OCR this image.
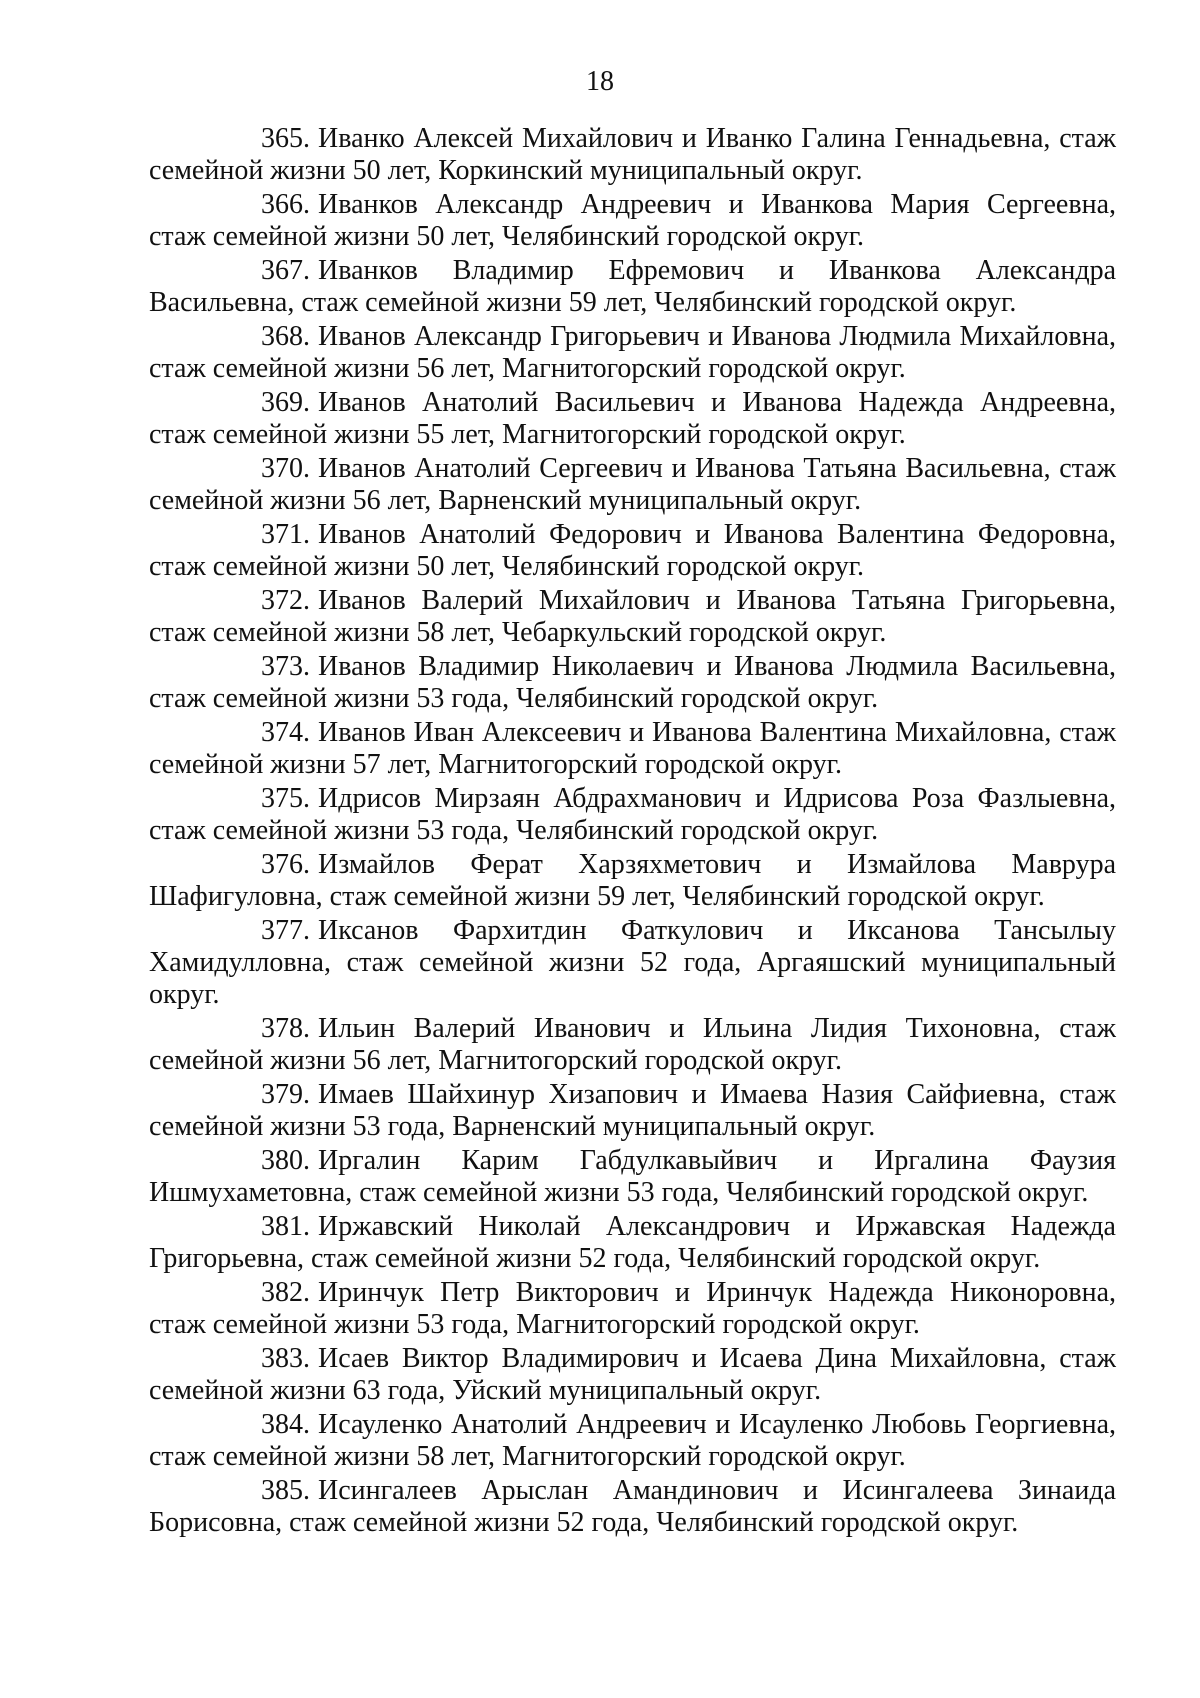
18

365. Иванко Алексей Михайлович и Иванко Галина Геннадьевна, стаж семейной жизни 50 лет, Коркинский муниципальный округ.

366. Иванков Александр Андреевич и Иванкова Мария Сергеевна, стаж семейной жизни 50 лет, Челябинский городской округ.

367. Иванков Владимир Ефремович и Иванкова Александра Васильевна, стаж семейной жизни 59 лет, Челябинский городской округ.

368. Иванов Александр Григорьевич и Иванова Людмила Михайловна, стаж семейной жизни 56 лет, Магнитогорский городской округ.

369. Иванов Анатолий Васильевич и Иванова Надежда Андреевна, стаж семейной жизни 55 лет, Магнитогорский городской округ.

370. Иванов Анатолий Сергеевич и Иванова Татьяна Васильевна, стаж семейной жизни 56 лет, Варненский муниципальный округ.

371. Иванов Анатолий Федорович и Иванова Валентина Федоровна, стаж семейной жизни 50 лет, Челябинский городской округ.

372. Иванов Валерий Михайлович и Иванова Татьяна Григорьевна, стаж семейной жизни 58 лет, Чебаркульский городской округ.

373. Иванов Владимир Николаевич и Иванова Людмила Васильевна, стаж семейной жизни 53 года, Челябинский городской округ.

374. Иванов Иван Алексеевич и Иванова Валентина Михайловна, стаж семейной жизни 57 лет, Магнитогорский городской округ.

375. Идрисов Мирзаян Абдрахманович и Идрисова Роза Фазлыевна, стаж семейной жизни 53 года, Челябинский городской округ.

376. Измайлов Ферат Харзяхметович и Измайлова Маврура Шафигуловна, стаж семейной жизни 59 лет, Челябинский городской округ.

377. Иксанов Фархитдин Фаткулович и Иксанова Тансылыу Хамидулловна, стаж семейной жизни 52 года, Аргаяшский муниципальный округ.

378. Ильин Валерий Иванович и Ильина Лидия Тихоновна, стаж семейной жизни 56 лет, Магнитогорский городской округ.

379. Имаев Шайхинур Хизапович и Имаева Назия Сайфиевна, стаж семейной жизни 53 года, Варненский муниципальный округ.

380. Иргалин Карим Габдулкавыйвич и Иргалина Фаузия Ишмухаметовна, стаж семейной жизни 53 года, Челябинский городской округ.

381. Иржавский Николай Александрович и Иржавская Надежда Григорьевна, стаж семейной жизни 52 года, Челябинский городской округ.

382. Иринчук Петр Викторович и Иринчук Надежда Никоноровна, стаж семейной жизни 53 года, Магнитогорский городской округ.

383. Исаев Виктор Владимирович и Исаева Дина Михайловна, стаж семейной жизни 63 года, Уйский муниципальный округ.

384. Исауленко Анатолий Андреевич и Исауленко Любовь Георгиевна, стаж семейной жизни 58 лет, Магнитогорский городской округ.

385. Исингалеев Арыслан Амандинович и Исингалеева Зинаида Борисовна, стаж семейной жизни 52 года, Челябинский городской округ.
